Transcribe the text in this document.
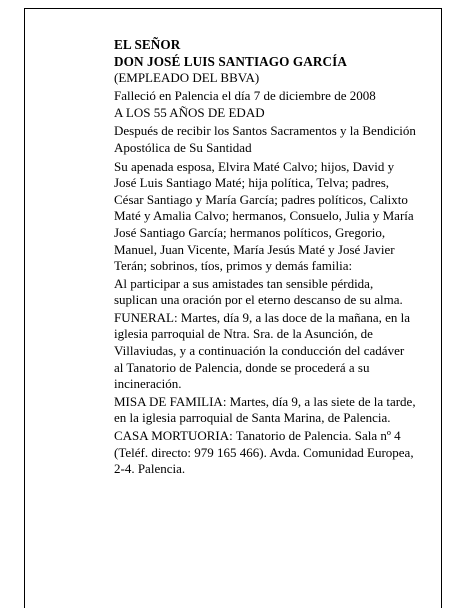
EL SEÑOR

DON JOSÉ LUIS SANTIAGO GARCÍA

(EMPLEADO DEL BBVA)

Falleció en Palencia el día 7 de diciembre de 2008

A LOS 55 AÑOS DE EDAD

Después de recibir los Santos Sacramentos y la Bendición Apostólica de Su Santidad

Su apenada esposa, Elvira Maté Calvo; hijos, David y José Luis Santiago Maté; hija política, Telva; padres, César Santiago y María García; padres políticos, Calixto Maté y Amalia Calvo; hermanos, Consuelo, Julia y María José Santiago García; hermanos políticos, Gregorio, Manuel, Juan Vicente, María Jesús Maté y José Javier Terán; sobrinos, tíos, primos y demás familia:

Al participar a sus amistades tan sensible pérdida, suplican una oración por el eterno descanso de su alma.

FUNERAL: Martes, día 9, a las doce de la mañana, en la iglesia parroquial de Ntra. Sra. de la Asunción, de Villaviudas, y a continuación la conducción del cadáver al Tanatorio de Palencia, donde se procederá a su incineración.

MISA DE FAMILIA: Martes, día 9, a las siete de la tarde, en la iglesia parroquial de Santa Marina, de Palencia.

CASA MORTUORIA: Tanatorio de Palencia. Sala nº 4 (Teléf. directo: 979 165 466). Avda. Comunidad Europea, 2-4. Palencia.
